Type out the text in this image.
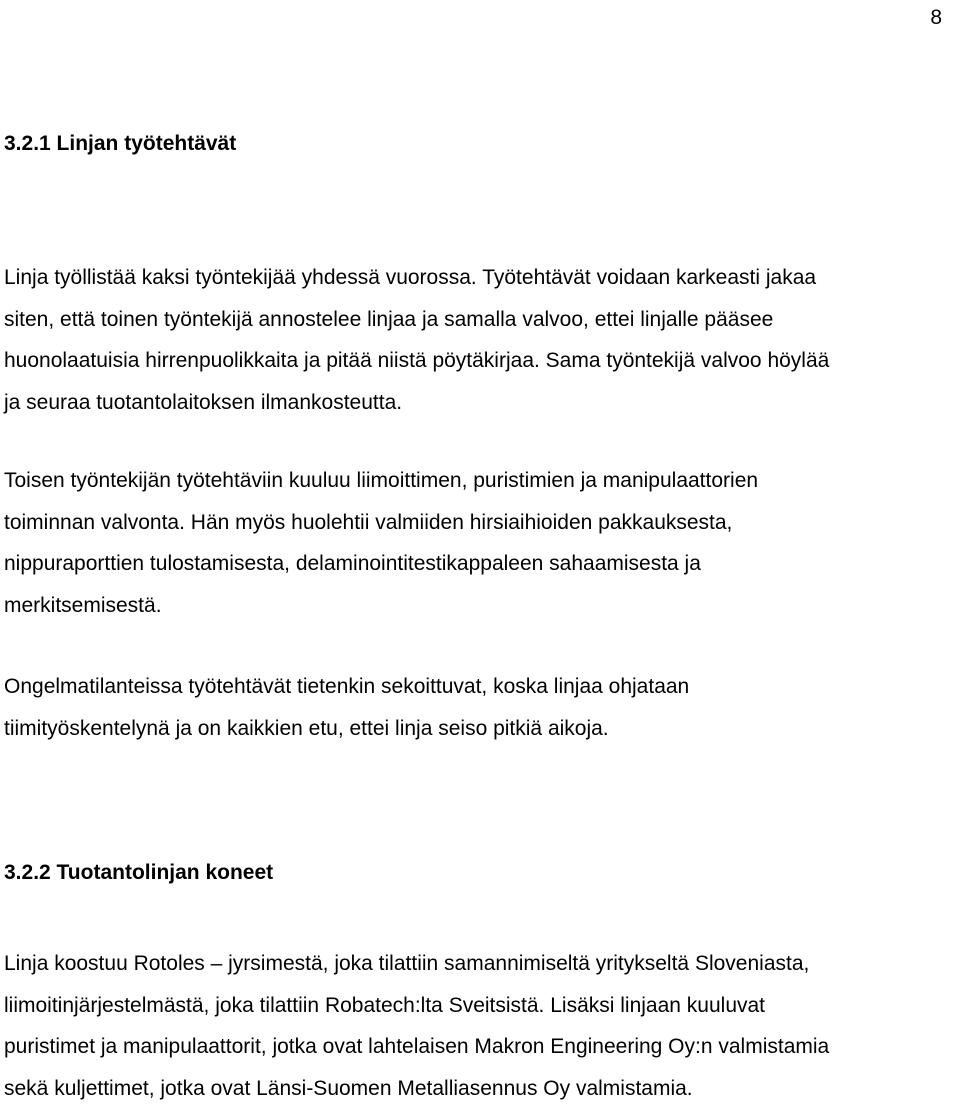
8
3.2.1 Linjan työtehtävät
Linja työllistää kaksi työntekijää yhdessä vuorossa. Työtehtävät voidaan karkeasti jakaa
siten, että toinen työntekijä annostelee linjaa ja samalla valvoo, ettei linjalle pääsee
huonolaatuisia hirrenpuolikkaita ja pitää niistä pöytäkirjaa. Sama työntekijä valvoo höylää
ja seuraa tuotantolaitoksen ilmankosteutta.
Toisen työntekijän työtehtäviin kuuluu liimoittimen, puristimien ja manipulaattorien
toiminnan valvonta. Hän myös huolehtii valmiiden hirsiaihioiden pakkauksesta,
nippuraporttien tulostamisesta, delaminointitestikappaleen sahaamisesta ja
merkitsemisestä.
Ongelmatilanteissa työtehtävät tietenkin sekoittuvat, koska linjaa ohjataan
tiimityöskentelynä ja on kaikkien etu, ettei linja seiso pitkiä aikoja.
3.2.2 Tuotantolinjan koneet
Linja koostuu Rotoles – jyrsimestä, joka tilattiin samannimiseltä yritykseltä Sloveniasta,
liimoitinjärjestelmästä, joka tilattiin Robatech:lta Sveitsistä. Lisäksi linjaan kuuluvat
puristimet ja manipulaattorit, jotka ovat lahtelaisen Makron Engineering Oy:n valmistamia
sekä kuljettimet, jotka ovat Länsi-Suomen Metalliasennus Oy valmistamia.
